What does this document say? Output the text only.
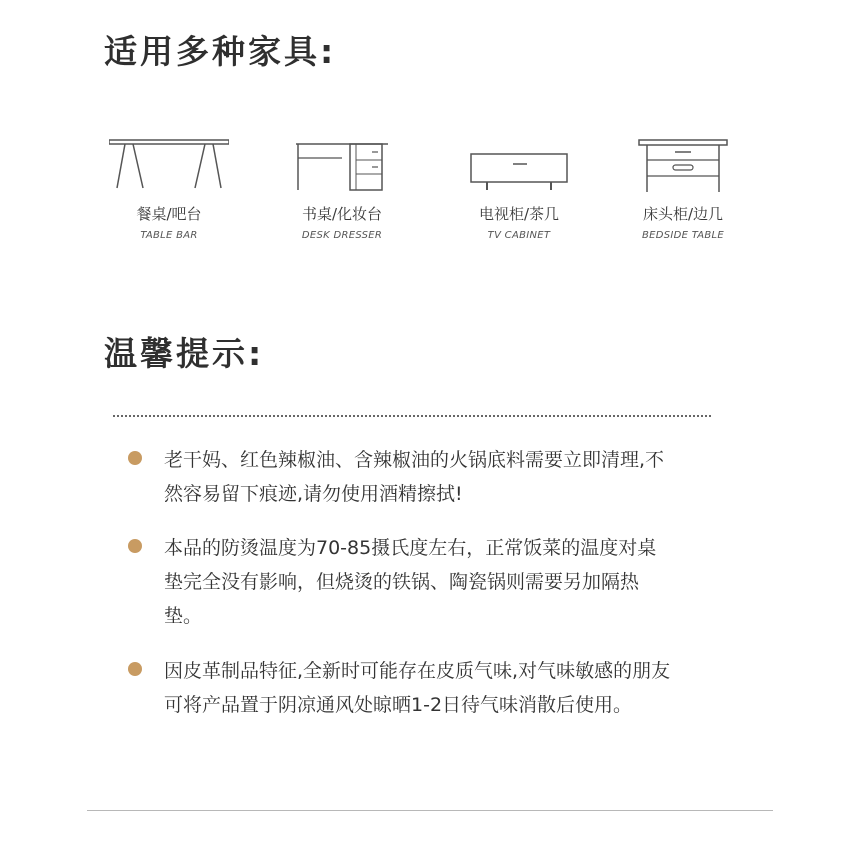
适用多种家具:
餐桌/吧台
TABLE BAR
书桌/化妆台
DESK DRESSER
电视柜/茶几
TV CABINET
床头柜/边几
BEDSIDE TABLE
温馨提示:
老干妈、红色辣椒油、含辣椒油的火锅底料需要立即清理,不然容易留下痕迹,请勿使用酒精擦拭!
本品的防烫温度为70-85摄氏度左右，正常饭菜的温度对桌垫完全没有影响，但烧烫的铁锅、陶瓷锅则需要另加隔热垫。
因皮革制品特征,全新时可能存在皮质气味,对气味敏感的朋友可将产品置于阴凉通风处晾晒1-2日待气味消散后使用。
